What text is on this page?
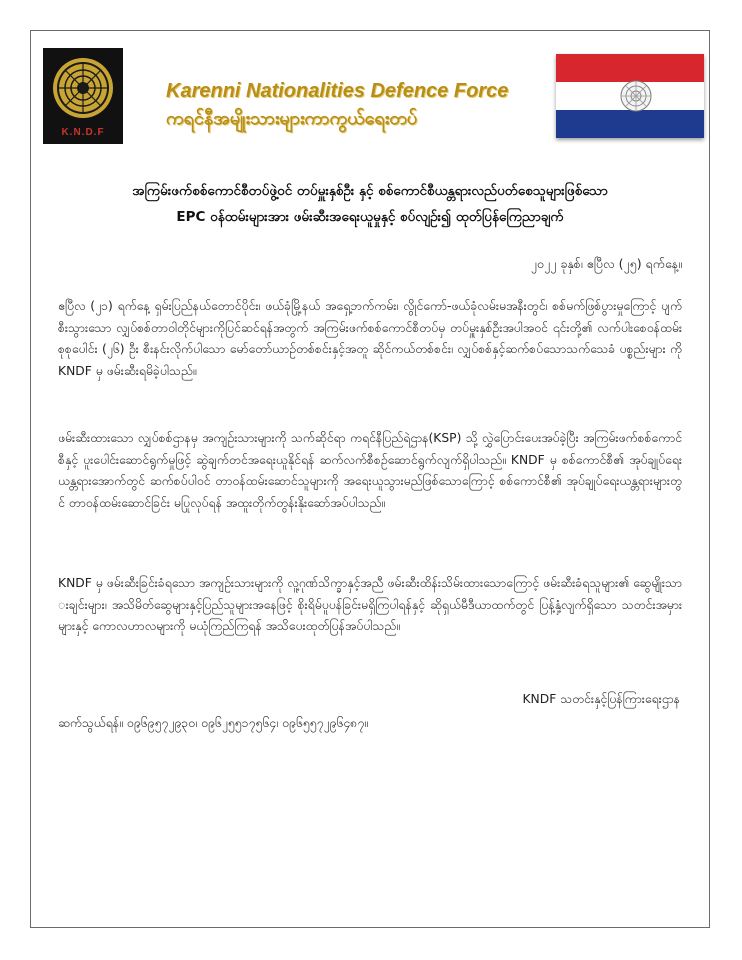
K.N.D.F
Karenni Nationalities Defence Force
ကရင်နီအမျိုးသားများကာကွယ်ရေးတပ်
အကြမ်းဖက်စစ်ကောင်စီတပ်ဖွဲ့ဝင် တပ်မှူးနှစ်ဦး နှင့် စစ်ကောင်စီယန္တရားလည်ပတ်စေသူများဖြစ်သော
EPC ဝန်ထမ်းများအား ဖမ်းဆီးအရေးယူမှုနှင့် စပ်လျဉ်း၍ ထုတ်ပြန်ကြေညာချက်
၂၀၂၂ ခုနှစ်၊ ဧပြီလ (၂၅) ရက်နေ့။
ဧပြီလ (၂၁) ရက်နေ့ ရှမ်းပြည်နယ်တောင်ပိုင်း၊ ဖယ်ခုံမြို့နယ် အရှေ့ဘက်ကမ်း၊ လွိုင်ကော်-ဖယ်ခုံလမ်းမအနီးတွင်၊ စစ်မက်ဖြစ်ပွားမှုကြောင့် ပျက်စီးသွားသော လျှပ်စစ်တာဝါတိုင်များကိုပြင်ဆင်ရန်အတွက် အကြမ်းဖက်စစ်ကောင်စီတပ်မှ တပ်မှူးနှစ်ဦးအပါအဝင် ၎င်းတို့၏ လက်ပါးစေဝန်ထမ်းစုစုပေါင်း (၂၆) ဦး စီးနင်းလိုက်ပါသော မော်တော်ယာဉ်တစ်စင်းနှင့်အတူ ဆိုင်ကယ်တစ်စင်း၊ လျှပ်စစ်နှင့်ဆက်စပ်သောသက်သေခံ ပစ္စည်းများ ကို KNDF မှ ဖမ်းဆီးရမိခဲ့ပါသည်။
ဖမ်းဆီးထားသော လျှပ်စစ်ဌာနမှ အကျဉ်းသားများကို သက်ဆိုင်ရာ ကရင်နီပြည်ရဲဌာန(KSP) သို့ လွှဲပြောင်းပေးအပ်ခဲ့ပြီး အကြမ်းဖက်စစ်ကောင်စီနှင့် ပူးပေါင်းဆောင်ရွက်မှုဖြင့် ဆွဲချက်တင်အရေးယူနိုင်ရန် ဆက်လက်စီစဉ်ဆောင်ရွက်လျက်ရှိပါသည်။ KNDF မှ စစ်ကောင်စီ၏ အုပ်ချုပ်ရေးယန္တရားအောက်တွင် ဆက်စပ်ပါဝင် တာဝန်ထမ်းဆောင်သူများကို အရေးယူသွားမည်ဖြစ်သောကြောင့် စစ်ကောင်စီ၏ အုပ်ချုပ်ရေးယန္တရားများတွင် တာဝန်ထမ်းဆောင်ခြင်း မပြုလုပ်ရန် အထူးတိုက်တွန်းနိုးဆော်အပ်ပါသည်။
KNDF မှ ဖမ်းဆီးခြင်းခံရသော အကျဉ်းသားများကို လူ့ဂုဏ်သိက္ခာနှင့်အညီ ဖမ်းဆီးထိန်းသိမ်းထားသောကြောင့် ဖမ်းဆီးခံရသူများ၏ ဆွေမျိုးသားချင်းများ၊ အသိမိတ်ဆွေများနှင့်ပြည်သူများအနေဖြင့် စိုးရိမ်ပူပန်ခြင်းမရှိကြပါရန်နှင့် ဆိုရှယ်မီဒီယာထက်တွင် ပြန့်နှံ့လျက်ရှိသော သတင်းအမှားများနှင့် ကောလဟာလများကို မယုံကြည်ကြရန် အသိပေးထုတ်ပြန်အပ်ပါသည်။
KNDF သတင်းနှင့်ပြန်ကြားရေးဌာန
ဆက်သွယ်ရန်။ ၀၉၆၉၅၇၂၉၃၀၊ ၀၉၆၂၅၅၁၇၅၆၄၊ ၀၉၆၅၅၇၂၉၆၄၈၇။
